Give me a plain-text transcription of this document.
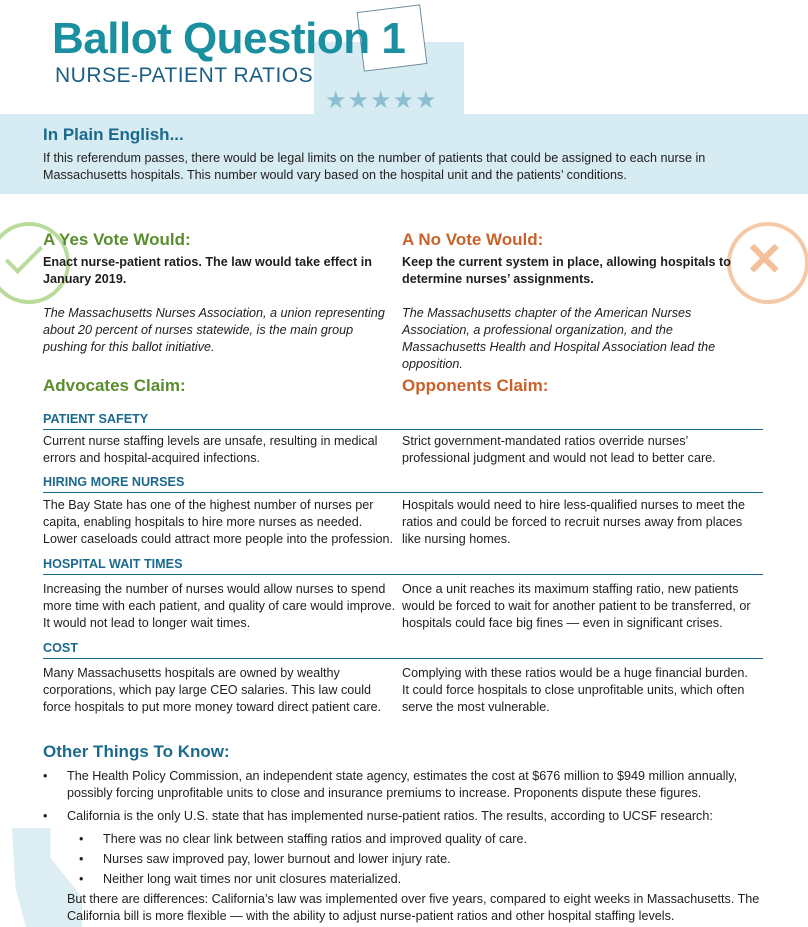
★★★★★
Ballot Question 1
NURSE-PATIENT RATIOS
In Plain English...
If this referendum passes, there would be legal limits on the number of patients that could be assigned to each nurse in Massachusetts hospitals. This number would vary based on the hospital unit and the patients’ conditions.
✕
A Yes Vote Would:
Enact nurse-patient ratios. The law would take effect in January 2019.
The Massachusetts Nurses Association, a union representing about 20 percent of nurses statewide, is the main group pushing for this ballot initiative.
A No Vote Would:
Keep the current system in place, allowing hospitals to determine nurses’ assignments.
The Massachusetts chapter of the American Nurses Association, a professional organization, and the Massachusetts Health and Hospital Association lead the opposition.
Advocates Claim:	Opponents Claim:
PATIENT SAFETY
Current nurse staffing levels are unsafe, resulting in medical errors and hospital-acquired infections.
Strict government-mandated ratios override nurses’ professional judgment and would not lead to better care.
HIRING MORE NURSES
The Bay State has one of the highest number of nurses per capita, enabling hospitals to hire more nurses as needed. Lower caseloads could attract more people into the profession.
Hospitals would need to hire less-qualified nurses to meet the ratios and could be forced to recruit nurses away from places like nursing homes.
HOSPITAL WAIT TIMES
Increasing the number of nurses would allow nurses to spend more time with each patient, and quality of care would improve. It would not lead to longer wait times.
Once a unit reaches its maximum staffing ratio, new patients would be forced to wait for another patient to be transferred, or hospitals could face big fines — even in significant crises.
COST
Many Massachusetts hospitals are owned by wealthy corporations, which pay large CEO salaries. This law could force hospitals to put more money toward direct patient care.
Complying with these ratios would be a huge financial burden. It could force hospitals to close unprofitable units, which often serve the most vulnerable.
Other Things To Know:
• The Health Policy Commission, an independent state agency, estimates the cost at $676 million to $949 million annually, possibly forcing unprofitable units to close and insurance premiums to increase. Proponents dispute these figures.
• California is the only U.S. state that has implemented nurse-patient ratios. The results, according to UCSF research:
• There was no clear link between staffing ratios and improved quality of care.
• Nurses saw improved pay, lower burnout and lower injury rate.
• Neither long wait times nor unit closures materialized.
But there are differences: California’s law was implemented over five years, compared to eight weeks in Massachusetts. The California bill is more flexible — with the ability to adjust nurse-patient ratios and other hospital staffing levels.
